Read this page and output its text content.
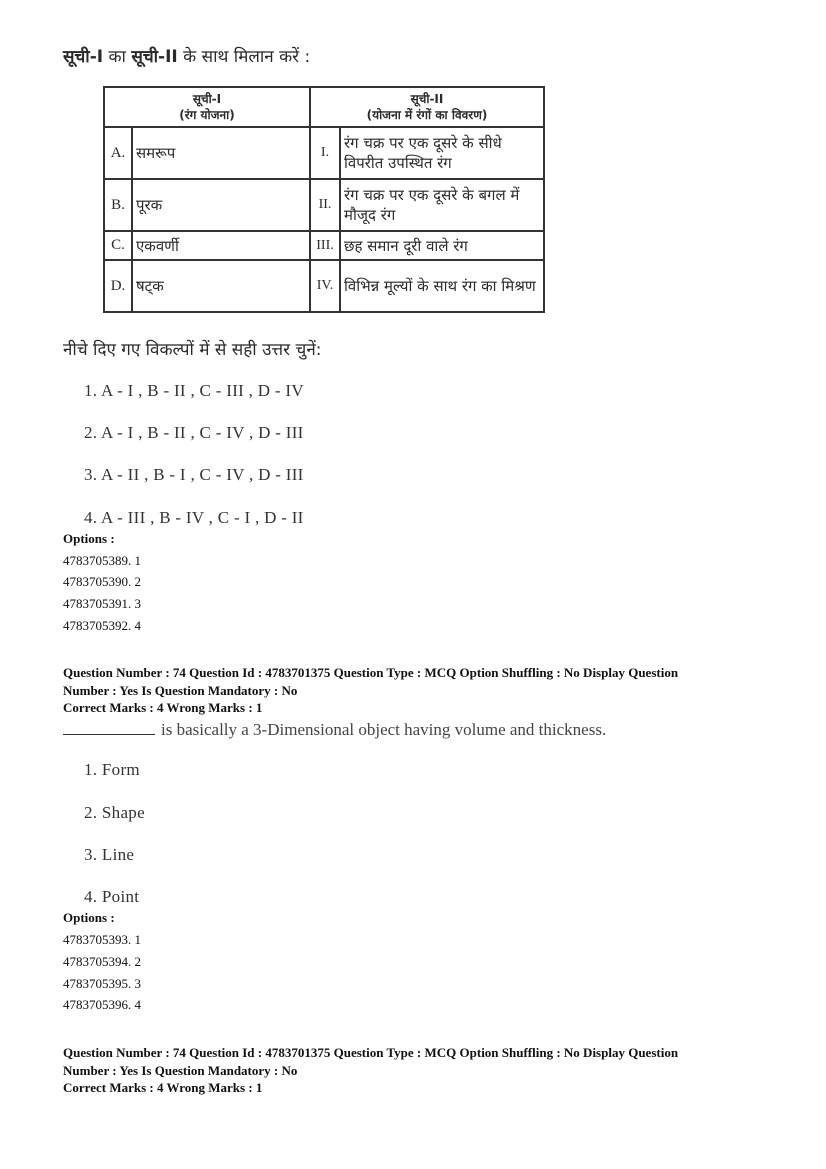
सूची-I का सूची-II के साथ मिलान करें :
सूची-I
(रंग योजना)		सूची-II
(योजना में रंगों का विवरण)	

A.	समरूप	I.	रंग चक्र पर एक दूसरे के सीधे विपरीत उपस्थित रंग
B.	पूरक	II.	रंग चक्र पर एक दूसरे के बगल में मौजूद रंग
C.	एकवर्णी	III.	छह समान दूरी वाले रंग
D.	षट्क	IV.	विभिन्न मूल्यों के साथ रंग का मिश्रण
नीचे दिए गए विकल्पों में से सही उत्तर चुनें:
1. A - I , B - II , C - III , D - IV
2. A - I , B - II , C - IV , D - III
3. A - II , B - I , C - IV , D - III
4. A - III , B - IV , C - I , D - II
Options :
4783705389. 1
4783705390. 2
4783705391. 3
4783705392. 4
Question Number : 74 Question Id : 4783701375 Question Type : MCQ Option Shuffling : No Display Question
Number : Yes Is Question Mandatory : No
Correct Marks : 4 Wrong Marks : 1
is basically a 3-Dimensional object having volume and thickness.
1. Form
2. Shape
3. Line
4. Point
Options :
4783705393. 1
4783705394. 2
4783705395. 3
4783705396. 4
Question Number : 74 Question Id : 4783701375 Question Type : MCQ Option Shuffling : No Display Question
Number : Yes Is Question Mandatory : No
Correct Marks : 4 Wrong Marks : 1
